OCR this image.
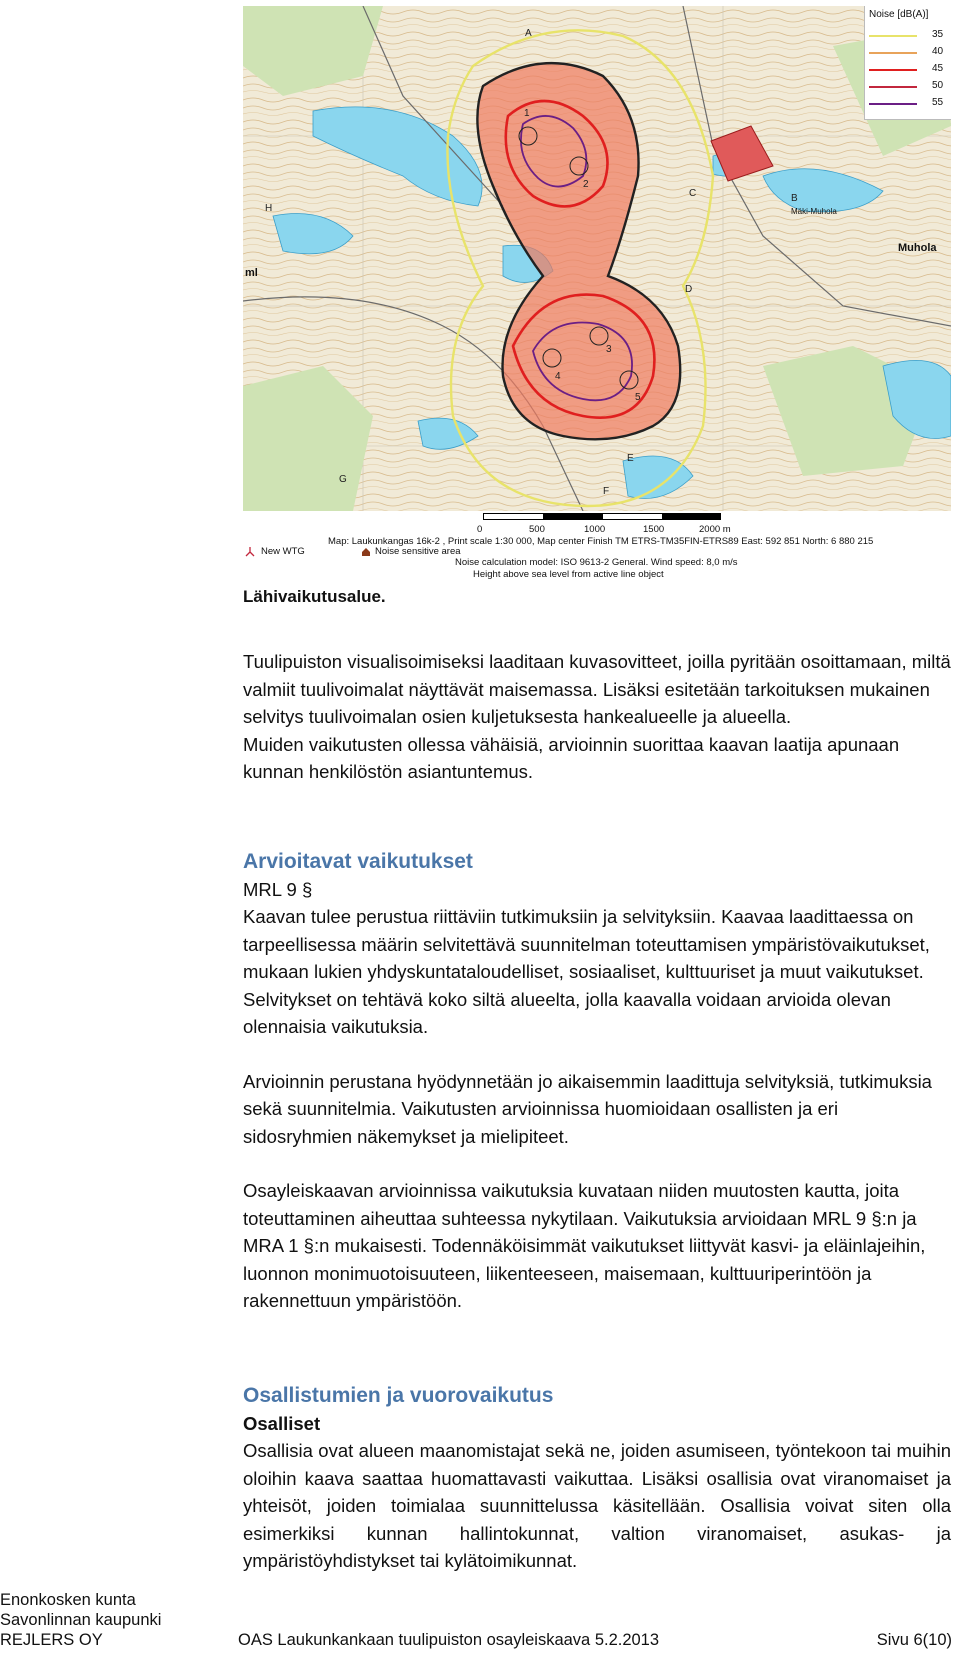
1
2
3
4
5
A
B
C
D
E
F
G
H
Muhola
Mäki-Muhola
ml
Noise [dB(A)]
35
40
45
50
55
0	500	1000	1500	2000 m
Map: Laukunkangas 16k-2 , Print scale 1:30 000, Map center Finish TM ETRS-TM35FIN-ETRS89 East: 592 851 North: 6 880 215
New WTG	Noise sensitive area
Noise calculation model: ISO 9613-2 General. Wind speed: 8,0 m/s
Height above sea level from active line object
Lähivaikutusalue.

Tuulipuiston visualisoimiseksi laaditaan kuvasovitteet, joilla pyritään osoittamaan, miltä valmiit tuulivoimalat näyttävät maisemassa. Lisäksi esitetään tarkoituksen mukainen selvitys tuulivoimalan osien kuljetuksesta hankealueelle ja alueella.

Muiden vaikutusten ollessa vähäisiä, arvioinnin suorittaa kaavan laatija apunaan kunnan henkilöstön asiantuntemus.

Arvioitavat vaikutukset

MRL 9 §

Kaavan tulee perustua riittäviin tutkimuksiin ja selvityksiin. Kaavaa laadittaessa on tarpeellisessa määrin selvitettävä suunnitelman toteuttamisen ympäristövaikutukset, mukaan lukien yhdyskuntataloudelliset, sosiaaliset, kulttuuriset ja muut vaikutukset. Selvitykset on tehtävä koko siltä alueelta, jolla kaavalla voidaan arvioida olevan olennaisia vaikutuksia.

Arvioinnin perustana hyödynnetään jo aikaisemmin laadittuja selvityksiä, tutkimuksia sekä suunnitelmia. Vaikutusten arvioinnissa huomioidaan osallisten ja eri sidosryhmien näkemykset ja mielipiteet.

Osayleiskaavan arvioinnissa vaikutuksia kuvataan niiden muutosten kautta, joita toteuttaminen aiheuttaa suhteessa nykytilaan. Vaikutuksia arvioidaan MRL 9 §:n ja MRA 1 §:n mukaisesti. Todennäköisimmät vaikutukset liittyvät kasvi- ja eläinlajeihin, luonnon monimuotoisuuteen, liikenteeseen, maisemaan, kulttuuriperintöön ja rakennettuun ympäristöön.

Osallistumien ja vuorovaikutus
Osalliset

Osallisia ovat alueen maanomistajat sekä ne, joiden asumiseen, työntekoon tai muihin oloihin kaava saattaa huomattavasti vaikuttaa. Lisäksi osallisia ovat viranomaiset ja yhteisöt, joiden toimialaa suunnittelussa käsitellään. Osallisia voivat siten olla esimerkiksi kunnan hallintokunnat, valtion viranomaiset, asukas- ja ympäristöyhdistykset tai kylätoimikunnat.

Enonkosken kunta
Savonlinnan kaupunki
REJLERS OY	OAS Laukunkankaan tuulipuiston osayleiskaava 5.2.2013	Sivu 6(10)
